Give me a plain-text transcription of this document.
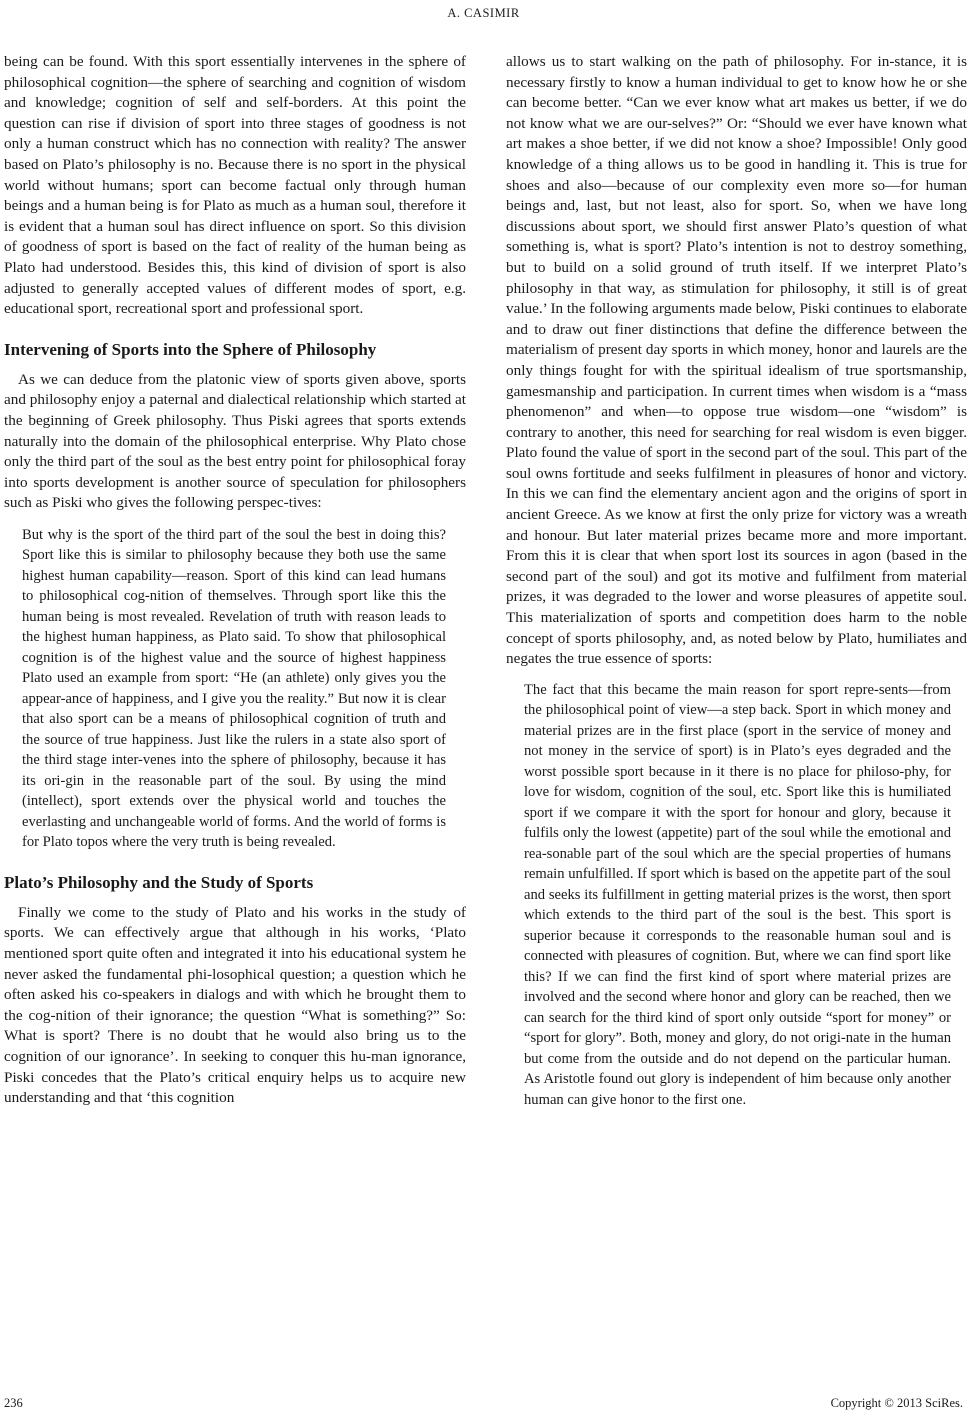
A. CASIMIR

being can be found. With this sport essentially intervenes in the sphere of philosophical cognition—the sphere of searching and cognition of wisdom and knowledge; cognition of self and self-borders. At this point the question can rise if division of sport into three stages of goodness is not only a human construct which has no connection with reality? The answer based on Plato’s philosophy is no. Because there is no sport in the physical world without humans; sport can become factual only through human beings and a human being is for Plato as much as a human soul, therefore it is evident that a human soul has direct influence on sport. So this division of goodness of sport is based on the fact of reality of the human being as Plato had understood. Besides this, this kind of division of sport is also adjusted to generally accepted values of different modes of sport, e.g. educational sport, recreational sport and professional sport.

Intervening of Sports into the Sphere of Philosophy

As we can deduce from the platonic view of sports given above, sports and philosophy enjoy a paternal and dialectical relationship which started at the beginning of Greek philosophy. Thus Piski agrees that sports extends naturally into the domain of the philosophical enterprise. Why Plato chose only the third part of the soul as the best entry point for philosophical foray into sports development is another source of speculation for philosophers such as Piski who gives the following perspec-tives:

But why is the sport of the third part of the soul the best in doing this? Sport like this is similar to philosophy because they both use the same highest human capability—reason. Sport of this kind can lead humans to philosophical cog-nition of themselves. Through sport like this the human being is most revealed. Revelation of truth with reason leads to the highest human happiness, as Plato said. To show that philosophical cognition is of the highest value and the source of highest happiness Plato used an example from sport: “He (an athlete) only gives you the appear-ance of happiness, and I give you the reality.” But now it is clear that also sport can be a means of philosophical cognition of truth and the source of true happiness. Just like the rulers in a state also sport of the third stage inter-venes into the sphere of philosophy, because it has its ori-gin in the reasonable part of the soul. By using the mind (intellect), sport extends over the physical world and touches the everlasting and unchangeable world of forms. And the world of forms is for Plato topos where the very truth is being revealed.
Plato’s Philosophy and the Study of Sports

Finally we come to the study of Plato and his works in the study of sports. We can effectively argue that although in his works, ‘Plato mentioned sport quite often and integrated it into his educational system he never asked the fundamental phi-losophical question; a question which he often asked his co-speakers in dialogs and with which he brought them to the cog-nition of their ignorance; the question “What is something?” So: What is sport? There is no doubt that he would also bring us to the cognition of our ignorance’. In seeking to conquer this hu-man ignorance, Piski concedes that the Plato’s critical enquiry helps us to acquire new understanding and that ‘this cognition

allows us to start walking on the path of philosophy. For in-stance, it is necessary firstly to know a human individual to get to know how he or she can become better. “Can we ever know what art makes us better, if we do not know what we are our-selves?” Or: “Should we ever have known what art makes a shoe better, if we did not know a shoe? Impossible! Only good knowledge of a thing allows us to be good in handling it. This is true for shoes and also—because of our complexity even more so—for human beings and, last, but not least, also for sport. So, when we have long discussions about sport, we should first answer Plato’s question of what something is, what is sport? Plato’s intention is not to destroy something, but to build on a solid ground of truth itself. If we interpret Plato’s philosophy in that way, as stimulation for philosophy, it still is of great value.’ In the following arguments made below, Piski continues to elaborate and to draw out finer distinctions that define the difference between the materialism of present day sports in which money, honor and laurels are the only things fought for with the spiritual idealism of true sportsmanship, gamesmanship and participation. In current times when wisdom is a “mass phenomenon” and when—to oppose true wisdom—one “wisdom” is contrary to another, this need for searching for real wisdom is even bigger. Plato found the value of sport in the second part of the soul. This part of the soul owns fortitude and seeks fulfilment in pleasures of honor and victory. In this we can find the elementary ancient agon and the origins of sport in ancient Greece. As we know at first the only prize for victory was a wreath and honour. But later material prizes became more and more important. From this it is clear that when sport lost its sources in agon (based in the second part of the soul) and got its motive and fulfilment from material prizes, it was degraded to the lower and worse pleasures of appetite soul. This materialization of sports and competition does harm to the noble concept of sports philosophy, and, as noted below by Plato, humiliates and negates the true essence of sports:

The fact that this became the main reason for sport repre-sents—from the philosophical point of view—a step back. Sport in which money and material prizes are in the first place (sport in the service of money and not money in the service of sport) is in Plato’s eyes degraded and the worst possible sport because in it there is no place for philoso-phy, for love for wisdom, cognition of the soul, etc. Sport like this is humiliated sport if we compare it with the sport for honour and glory, because it fulfils only the lowest (appetite) part of the soul while the emotional and rea-sonable part of the soul which are the special properties of humans remain unfulfilled. If sport which is based on the appetite part of the soul and seeks its fulfillment in getting material prizes is the worst, then sport which extends to the third part of the soul is the best. This sport is superior because it corresponds to the reasonable human soul and is connected with pleasures of cognition. But, where we can find sport like this? If we can find the first kind of sport where material prizes are involved and the second where honor and glory can be reached, then we can search for the third kind of sport only outside “sport for money” or “sport for glory”. Both, money and glory, do not origi-nate in the human but come from the outside and do not depend on the particular human. As Aristotle found out glory is independent of him because only another human can give honor to the first one.
236	Copyright © 2013 SciRes.
